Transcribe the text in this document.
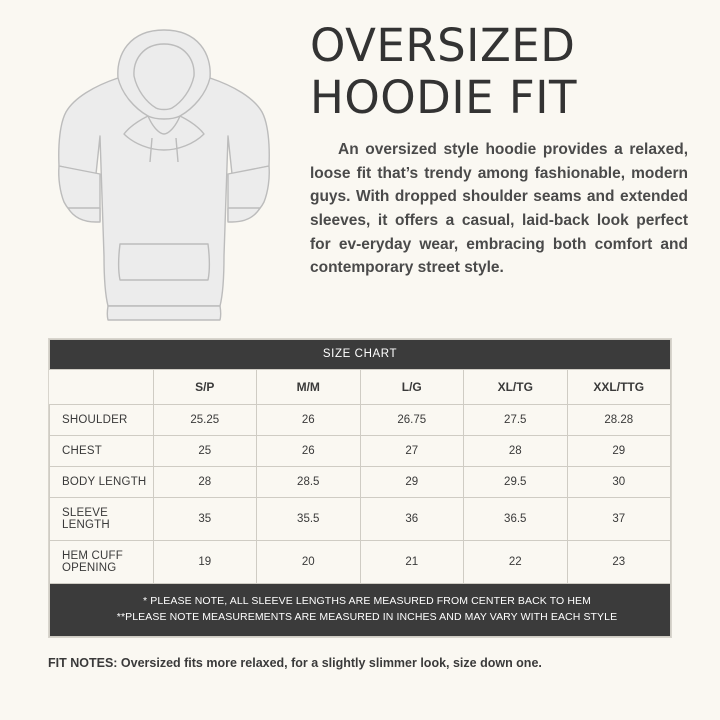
OVERSIZED
HOODIE FIT

An oversized style hoodie provides a relaxed, loose fit that’s trendy among fashionable, modern guys. With dropped shoulder seams and extended sleeves, it offers a casual, laid-back look perfect for ev-eryday wear, embracing both comfort and contemporary street style.

SIZE CHART					
	S/P	M/M	L/G	XL/TG	XXL/TTG
SHOULDER	25.25	26	26.75	27.5	28.28
CHEST	25	26	27	28	29
BODY LENGTH	28	28.5	29	29.5	30
SLEEVE LENGTH	35	35.5	36	36.5	37
HEM CUFF OPENING	19	20	21	22	23

* PLEASE NOTE, ALL SLEEVE LENGTHS ARE MEASURED FROM CENTER BACK TO HEM
**PLEASE NOTE MEASUREMENTS ARE MEASURED IN INCHES AND MAY VARY WITH EACH STYLE					
FIT NOTES: Oversized fits more relaxed, for a slightly slimmer look, size down one.
